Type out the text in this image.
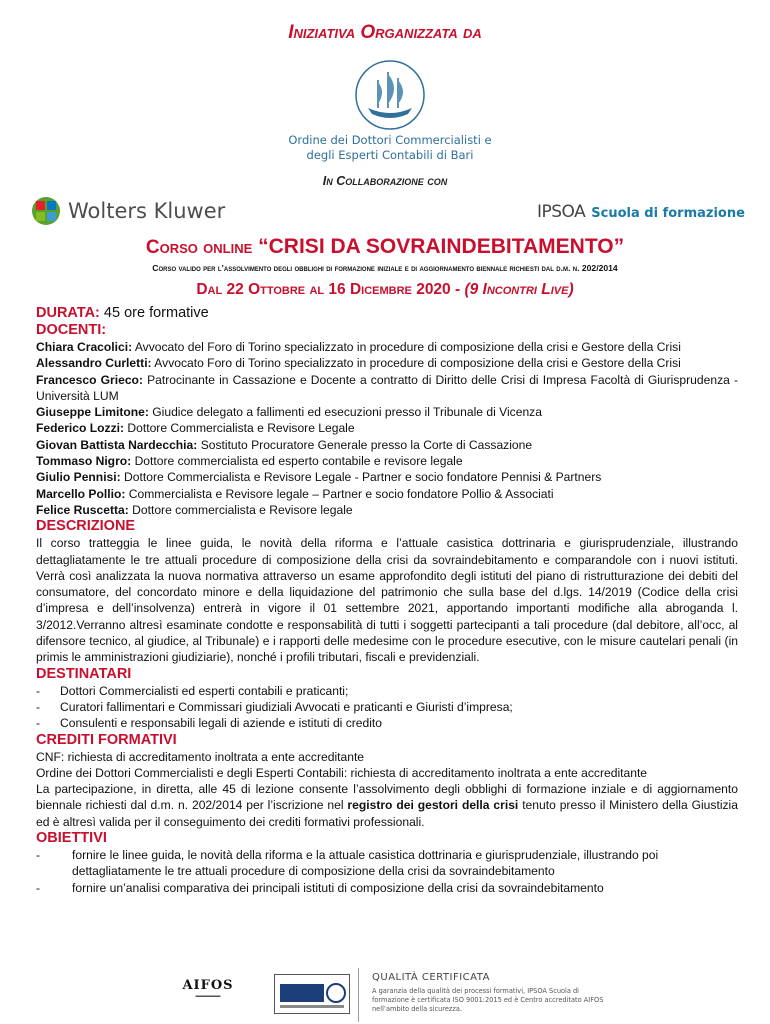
Iniziativa Organizzata da
Ordine dei Dottori Commercialisti e
degli Esperti Contabili di Bari
In Collaborazione con
Wolters Kluwer	IPSOA Scuola di formazione
Corso online “CRISI DA SOVRAINDEBITAMENTO”
Corso valido per l’assolvimento degli obblighi di formazione iniziale e di aggiornamento biennale richiesti dal d.m. n. 202/2014
Dal 22 Ottobre al 16 Dicembre 2020 - (9 Incontri Live)
DURATA: 45 ore formative
DOCENTI:
Chiara Cracolici: Avvocato del Foro di Torino specializzato in procedure di composizione della crisi e Gestore della Crisi
Alessandro Curletti: Avvocato Foro di Torino specializzato in procedure di composizione della crisi e Gestore della Crisi
Francesco Grieco: Patrocinante in Cassazione e Docente a contratto di Diritto delle Crisi di Impresa Facoltà di Giurisprudenza - Università LUM
Giuseppe Limitone: Giudice delegato a fallimenti ed esecuzioni presso il Tribunale di Vicenza
Federico Lozzi: Dottore Commercialista e Revisore Legale
Giovan Battista Nardecchia: Sostituto Procuratore Generale presso la Corte di Cassazione
Tommaso Nigro: Dottore commercialista ed esperto contabile e revisore legale
Giulio Pennisi: Dottore Commercialista e Revisore Legale - Partner e socio fondatore Pennisi & Partners
Marcello Pollio: Commercialista e Revisore legale – Partner e socio fondatore Pollio & Associati
Felice Ruscetta: Dottore commercialista e Revisore legale
DESCRIZIONE
Il corso tratteggia le linee guida, le novità della riforma e l’attuale casistica dottrinaria e giurisprudenziale, illustrando dettagliatamente le tre attuali procedure di composizione della crisi da sovraindebitamento e comparandole con i nuovi istituti. Verrà così analizzata la nuova normativa attraverso un esame approfondito degli istituti del piano di ristrutturazione dei debiti del consumatore, del concordato minore e della liquidazione del patrimonio che sulla base del d.lgs. 14/2019 (Codice della crisi d’impresa e dell’insolvenza) entrerà in vigore il 01 settembre 2021, apportando importanti modifiche alla abroganda l. 3/2012.Verranno altresì esaminate condotte e responsabilità di tutti i soggetti partecipanti a tali procedure (dal debitore, all’occ, al difensore tecnico, al giudice, al Tribunale) e i rapporti delle medesime con le procedure esecutive, con le misure cautelari penali (in primis le amministrazioni giudiziarie), nonché i profili tributari, fiscali e previdenziali.
DESTINATARI
- Dottori Commercialisti ed esperti contabili e praticanti;
- Curatori fallimentari e Commissari giudiziali Avvocati e praticanti e Giuristi d’impresa;
- Consulenti e responsabili legali di aziende e istituti di credito
CREDITI FORMATIVI
CNF: richiesta di accreditamento inoltrata a ente accreditante
Ordine dei Dottori Commercialisti e degli Esperti Contabili: richiesta di accreditamento inoltrata a ente accreditante
La partecipazione, in diretta, alle 45 di lezione consente l’assolvimento degli obblighi di formazione inziale e di aggiornamento biennale richiesti dal d.m. n. 202/2014 per l’iscrizione nel registro dei gestori della crisi tenuto presso il Ministero della Giustizia ed è altresì valida per il conseguimento dei crediti formativi professionali.
OBIETTIVI
- fornire le linee guida, le novità della riforma e la attuale casistica dottrinaria e giurisprudenziale, illustrando poi dettagliatamente le tre attuali procedure di composizione della crisi da sovraindebitamento
- fornire un’analisi comparativa dei principali istituti di composizione della crisi da sovraindebitamento
AIFOS
▬▬▬▬▬
QUALITÀ CERTIFICATA
A garanzia della qualità dei processi formativi, IPSOA Scuola di formazione è certificata ISO 9001:2015 ed è Centro accreditato AIFOS nell’ambito della sicurezza.
